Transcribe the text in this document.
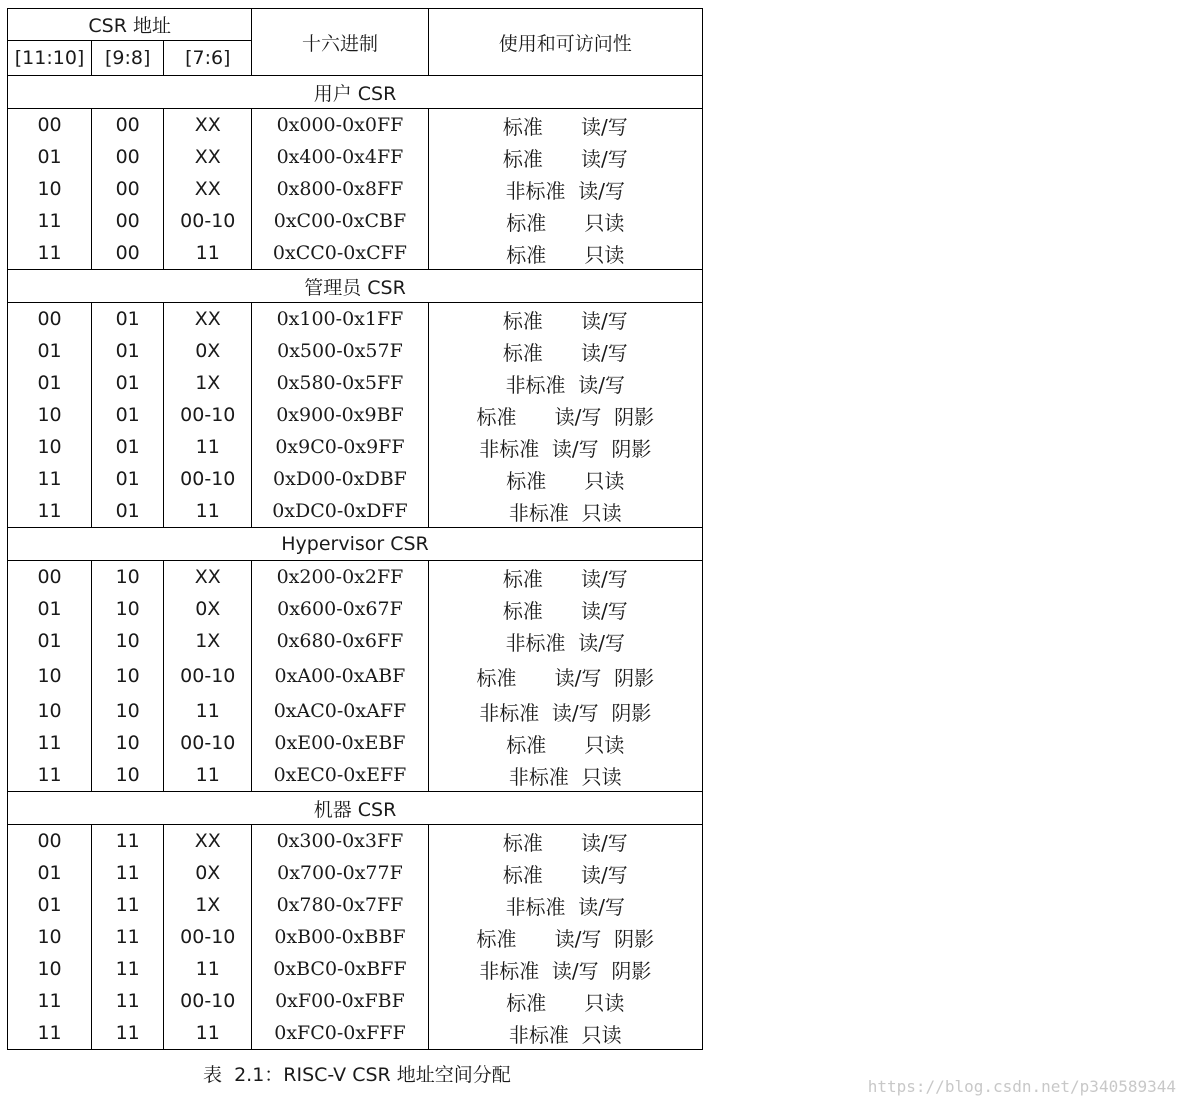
CSR 地址			十六进制	使用和可访问性
[11:10]	[9:8]	[7:6]		
用户 CSR				
00	00	XX	0x000-0x0FF	标准      读/写
01	00	XX	0x400-0x4FF	标准      读/写
10	00	XX	0x800-0x8FF	非标准  读/写
11	00	00-10	0xC00-0xCBF	标准      只读
11	00	11	0xCC0-0xCFF	标准      只读
管理员 CSR				
00	01	XX	0x100-0x1FF	标准      读/写
01	01	0X	0x500-0x57F	标准      读/写
01	01	1X	0x580-0x5FF	非标准  读/写
10	01	00-10	0x900-0x9BF	标准      读/写  阴影
10	01	11	0x9C0-0x9FF	非标准  读/写  阴影
11	01	00-10	0xD00-0xDBF	标准      只读
11	01	11	0xDC0-0xDFF	非标准  只读
Hypervisor CSR				
00	10	XX	0x200-0x2FF	标准      读/写
01	10	0X	0x600-0x67F	标准      读/写
01	10	1X	0x680-0x6FF	非标准  读/写
10	10	00-10	0xA00-0xABF	标准      读/写  阴影
10	10	11	0xAC0-0xAFF	非标准  读/写  阴影
11	10	00-10	0xE00-0xEBF	标准      只读
11	10	11	0xEC0-0xEFF	非标准  只读
机器 CSR				
00	11	XX	0x300-0x3FF	标准      读/写
01	11	0X	0x700-0x77F	标准      读/写
01	11	1X	0x780-0x7FF	非标准  读/写
10	11	00-10	0xB00-0xBBF	标准      读/写  阴影
10	11	11	0xBC0-0xBFF	非标准  读/写  阴影
11	11	00-10	0xF00-0xFBF	标准      只读
11	11	11	0xFC0-0xFFF	非标准  只读
表  2.1：RISC-V CSR 地址空间分配
https://blog.csdn.net/p340589344
